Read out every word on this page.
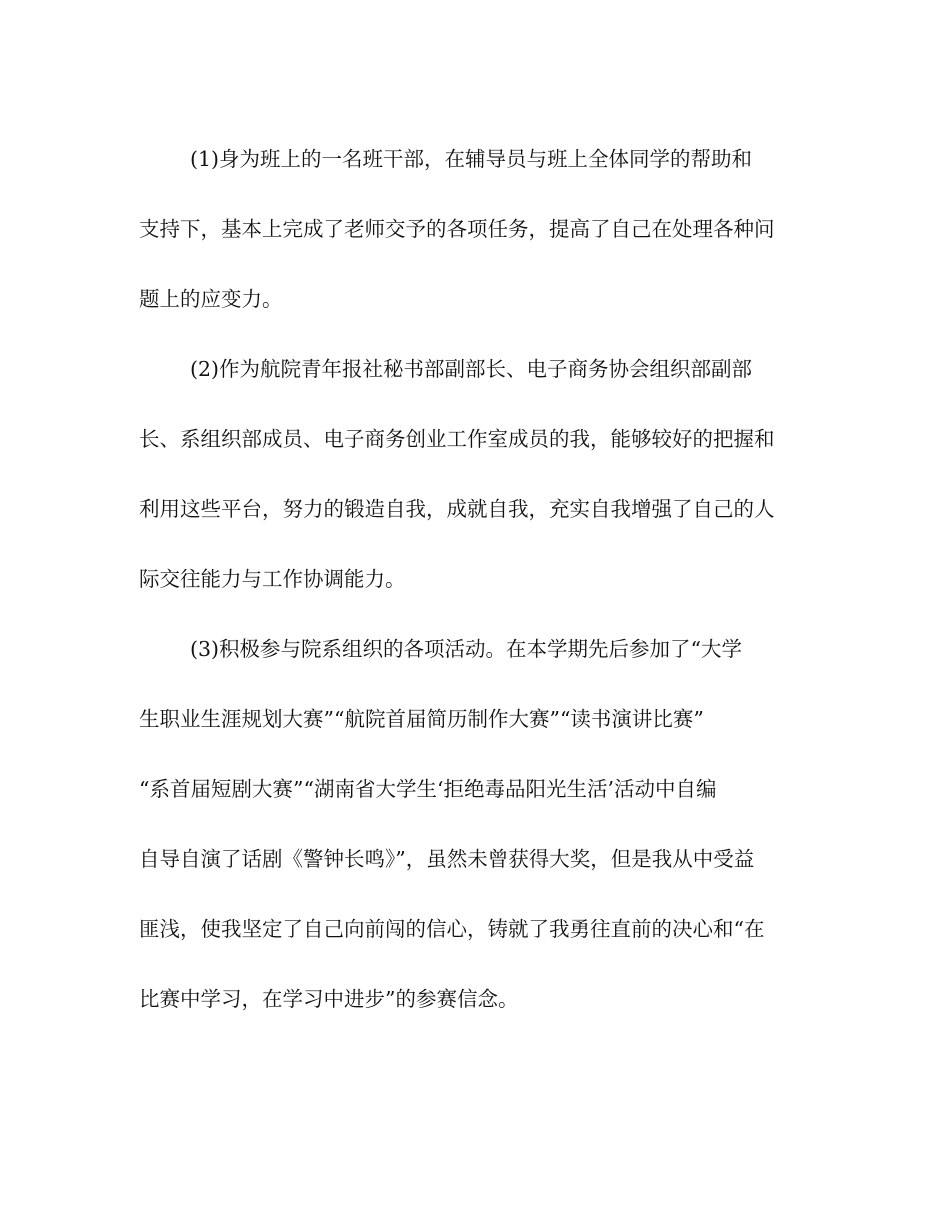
(1)身为班上的一名班干部，在辅导员与班上全体同学的帮助和

支持下，基本上完成了老师交予的各项任务，提高了自己在处理各种问

题上的应变力。

(2)作为航院青年报社秘书部副部长、电子商务协会组织部副部

长、系组织部成员、电子商务创业工作室成员的我，能够较好的把握和

利用这些平台，努力的锻造自我，成就自我，充实自我增强了自己的人

际交往能力与工作协调能力。

(3)积极参与院系组织的各项活动。在本学期先后参加了“大学

生职业生涯规划大赛”“航院首届简历制作大赛”“读书演讲比赛”

“系首届短剧大赛”“湖南省大学生‘拒绝毒品阳光生活’活动中自编

自导自演了话剧《警钟长鸣》”，虽然未曾获得大奖，但是我从中受益

匪浅，使我坚定了自己向前闯的信心，铸就了我勇往直前的决心和“在

比赛中学习，在学习中进步”的参赛信念。
